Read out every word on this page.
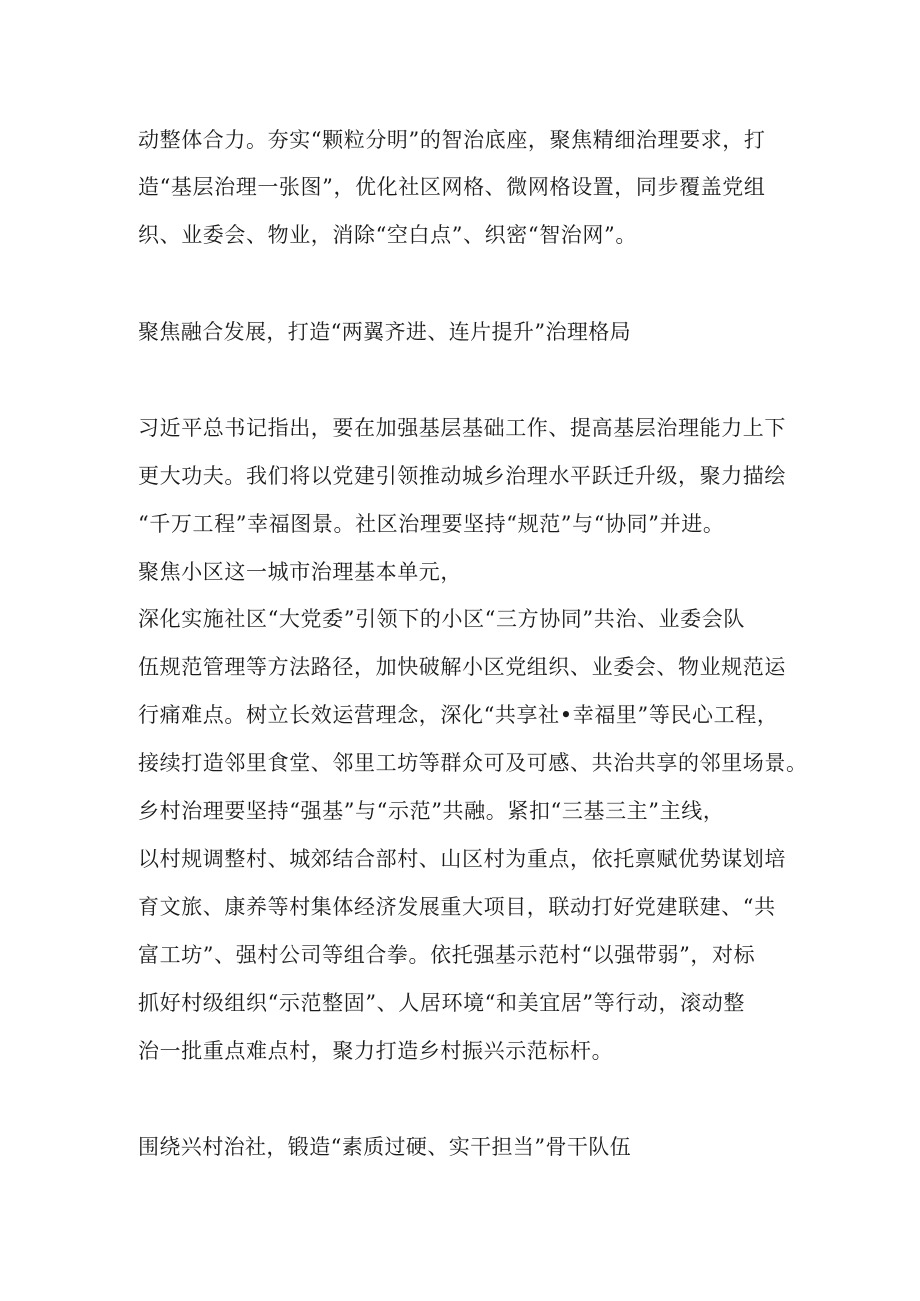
动整体合力。夯实“颗粒分明”的智治底座，聚焦精细治理要求，打
造“基层治理一张图”，优化社区网格、微网格设置，同步覆盖党组
织、业委会、物业，消除“空白点”、织密“智治网”。
聚焦融合发展，打造“两翼齐进、连片提升”治理格局
习近平总书记指出，要在加强基层基础工作、提高基层治理能力上下
更大功夫。我们将以党建引领推动城乡治理水平跃迁升级，聚力描绘
“千万工程”幸福图景。社区治理要坚持“规范”与“协同”并进。
聚焦小区这一城市治理基本单元，
深化实施社区“大党委”引领下的小区“三方协同”共治、业委会队
伍规范管理等方法路径，加快破解小区党组织、业委会、物业规范运
行痛难点。树立长效运营理念，深化“共享社•幸福里”等民心工程，
接续打造邻里食堂、邻里工坊等群众可及可感、共治共享的邻里场景。
乡村治理要坚持“强基”与“示范”共融。紧扣“三基三主”主线，
以村规调整村、城郊结合部村、山区村为重点，依托禀赋优势谋划培
育文旅、康养等村集体经济发展重大项目，联动打好党建联建、“共
富工坊”、强村公司等组合拳。依托强基示范村“以强带弱”，对标
抓好村级组织“示范整固”、人居环境“和美宜居”等行动，滚动整
治一批重点难点村，聚力打造乡村振兴示范标杆。
围绕兴村治社，锻造“素质过硬、实干担当”骨干队伍
